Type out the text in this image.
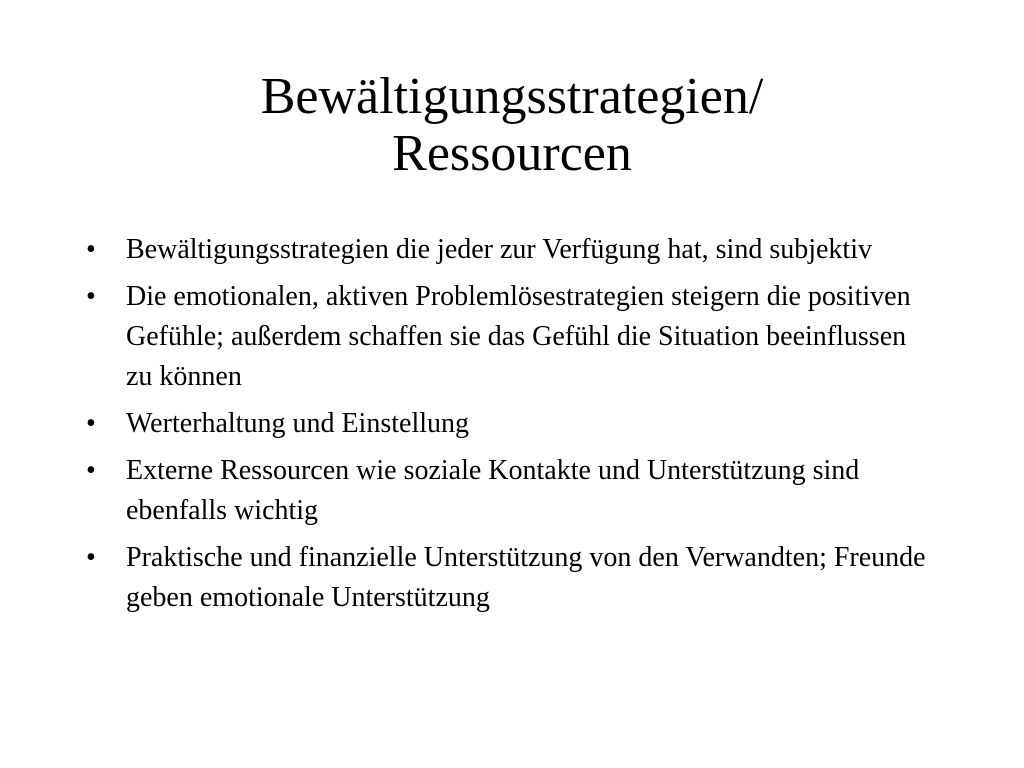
Bewältigungsstrategien/
Ressourcen
•	Bewältigungsstrategien die jeder zur Verfügung hat, sind subjektiv
•	Die emotionalen, aktiven Problemlösestrategien steigern die positiven Gefühle; außerdem schaffen sie das Gefühl die Situation beeinflussen zu können
•	Werterhaltung und Einstellung
•	Externe Ressourcen wie soziale Kontakte und Unterstützung sind ebenfalls wichtig
•	Praktische und finanzielle Unterstützung von den Verwandten; Freunde geben emotionale Unterstützung
